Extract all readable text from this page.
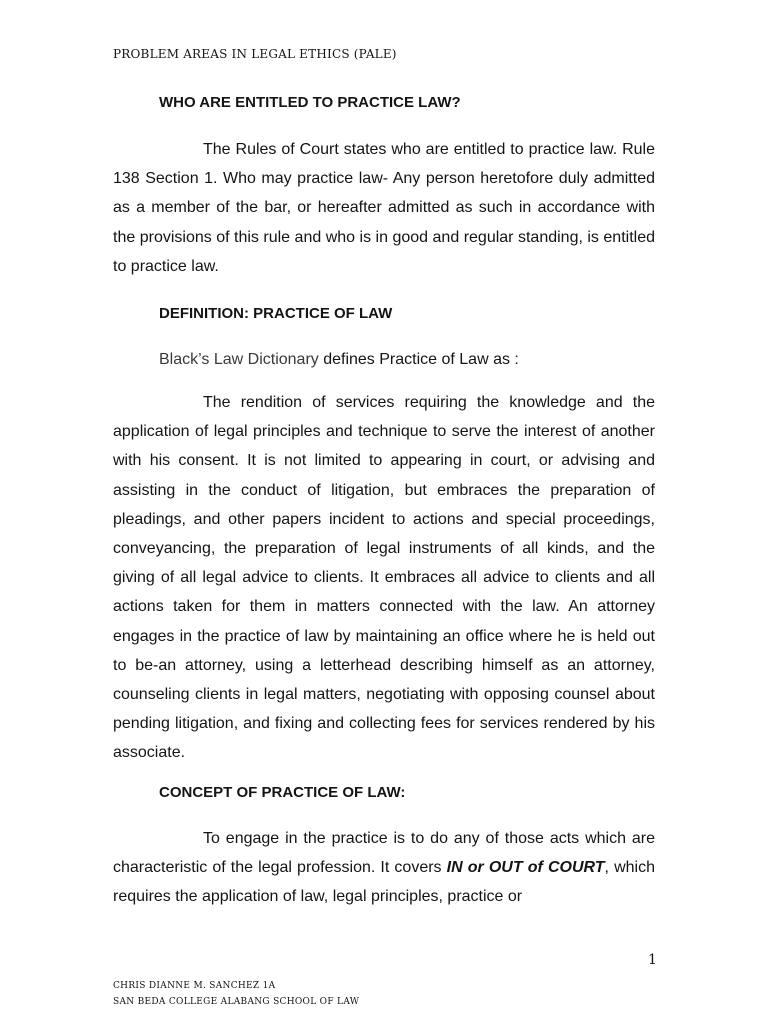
PROBLEM AREAS IN LEGAL ETHICS (PALE)
WHO ARE ENTITLED TO PRACTICE LAW?
The Rules of Court states who are entitled to practice law. Rule 138 Section 1. Who may practice law- Any person heretofore duly admitted as a member of the bar, or hereafter admitted as such in accordance with the provisions of this rule and who is in good and regular standing, is entitled to practice law.
DEFINITION: PRACTICE OF LAW
Black’s Law Dictionary defines Practice of Law as :
The rendition of services requiring the knowledge and the application of legal principles and technique to serve the interest of another with his consent. It is not limited to appearing in court, or advising and assisting in the conduct of litigation, but embraces the preparation of pleadings, and other papers incident to actions and special proceedings, conveyancing, the preparation of legal instruments of all kinds, and the giving of all legal advice to clients. It embraces all advice to clients and all actions taken for them in matters connected with the law. An attorney engages in the practice of law by maintaining an office where he is held out to be-an attorney, using a letterhead describing himself as an attorney, counseling clients in legal matters, negotiating with opposing counsel about pending litigation, and fixing and collecting fees for services rendered by his associate.
CONCEPT OF PRACTICE OF LAW:
To engage in the practice is to do any of those acts which are characteristic of the legal profession. It covers IN or OUT of COURT, which requires the application of law, legal principles, practice or
CHRIS DIANNE M. SANCHEZ 1A
SAN BEDA COLLEGE ALABANG SCHOOL OF LAW
1
